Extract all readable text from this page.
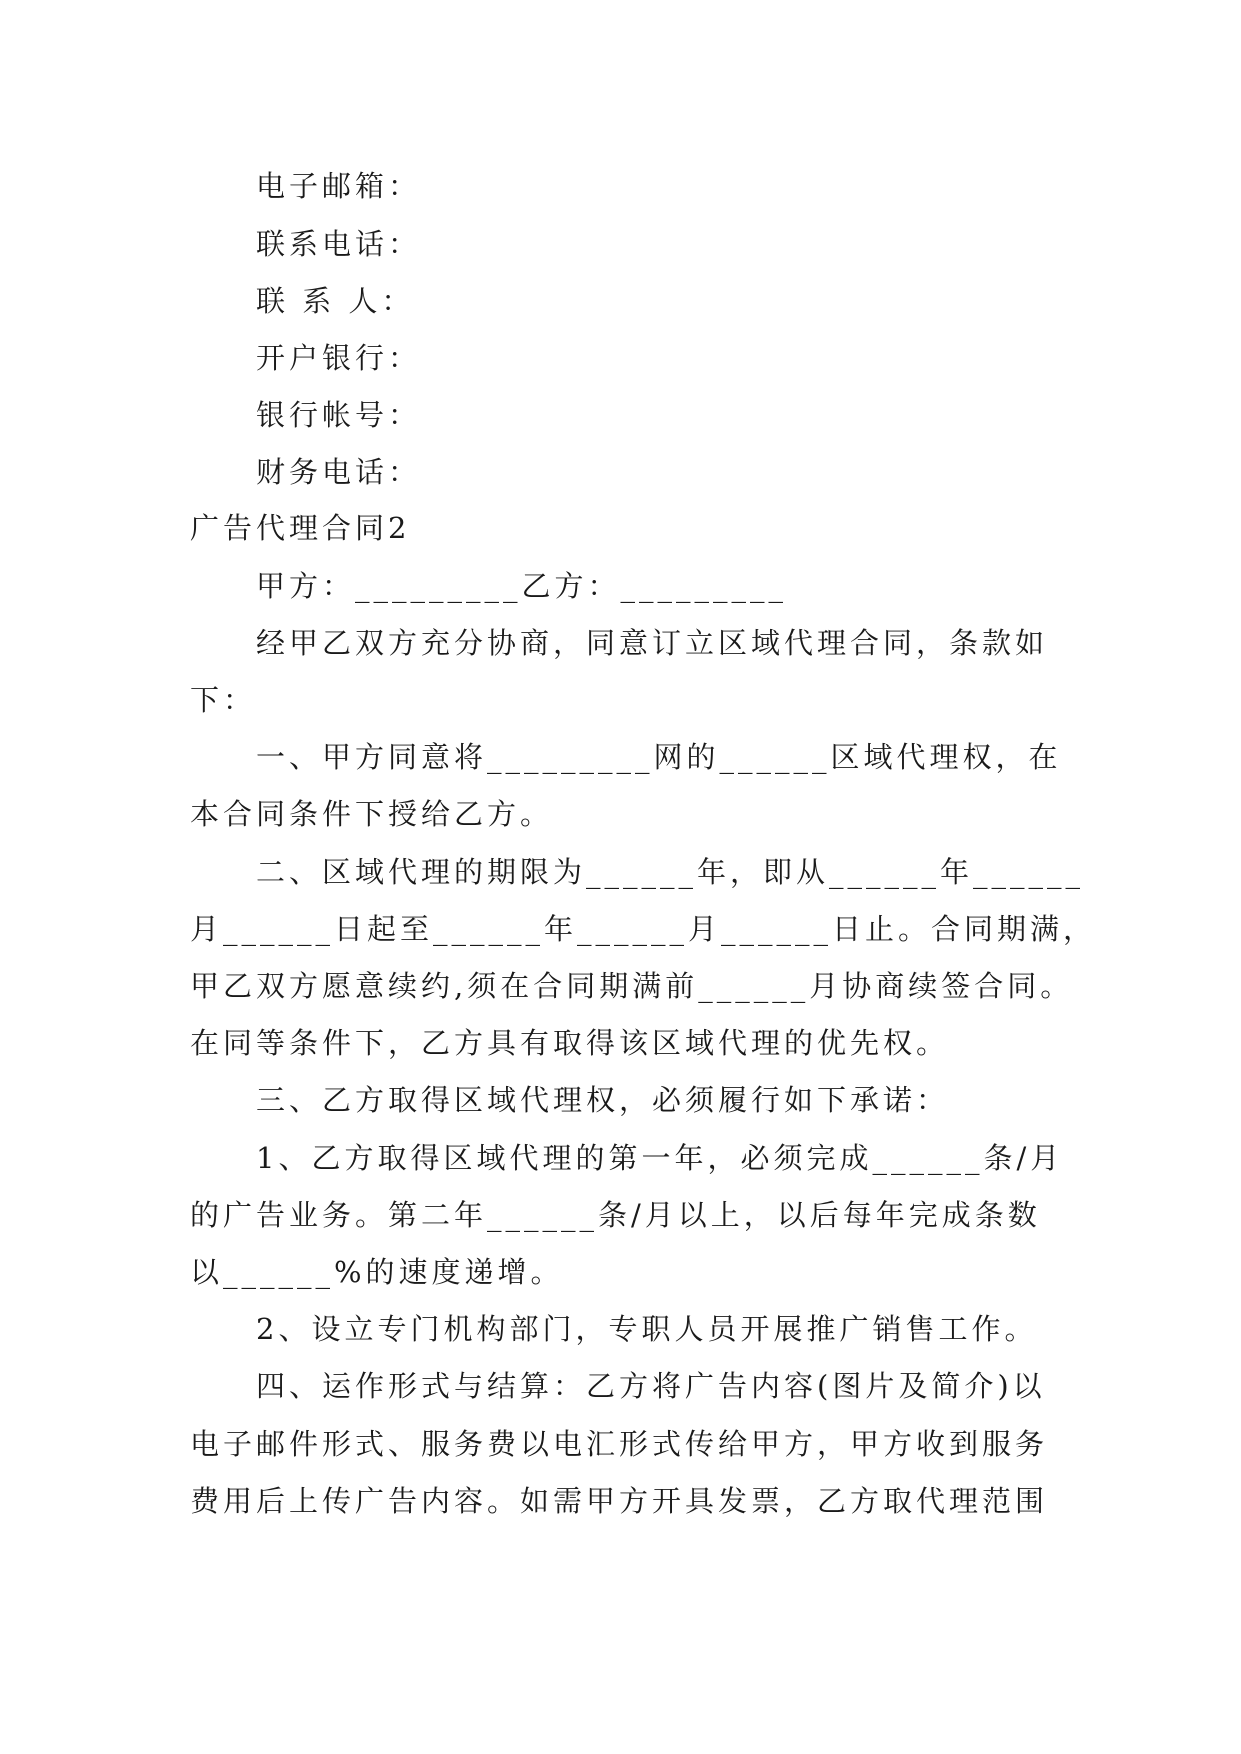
电子邮箱：
联系电话：
联 系 人：
开户银行：
银行帐号：
财务电话：
广告代理合同2
甲方：_________乙方：_________
经甲乙双方充分协商，同意订立区域代理合同，条款如
下：
一、甲方同意将_________网的______区域代理权，在
本合同条件下授给乙方。
二、区域代理的期限为______年，即从______年______
月______日起至______年______月______日止。合同期满，
甲乙双方愿意续约,须在合同期满前______月协商续签合同。
在同等条件下，乙方具有取得该区域代理的优先权。
三、乙方取得区域代理权，必须履行如下承诺：
1、乙方取得区域代理的第一年，必须完成______条/月
的广告业务。第二年______条/月以上，以后每年完成条数
以______%的速度递增。
2、设立专门机构部门，专职人员开展推广销售工作。
四、运作形式与结算：乙方将广告内容(图片及简介)以
电子邮件形式、服务费以电汇形式传给甲方，甲方收到服务
费用后上传广告内容。如需甲方开具发票，乙方取代理范围
